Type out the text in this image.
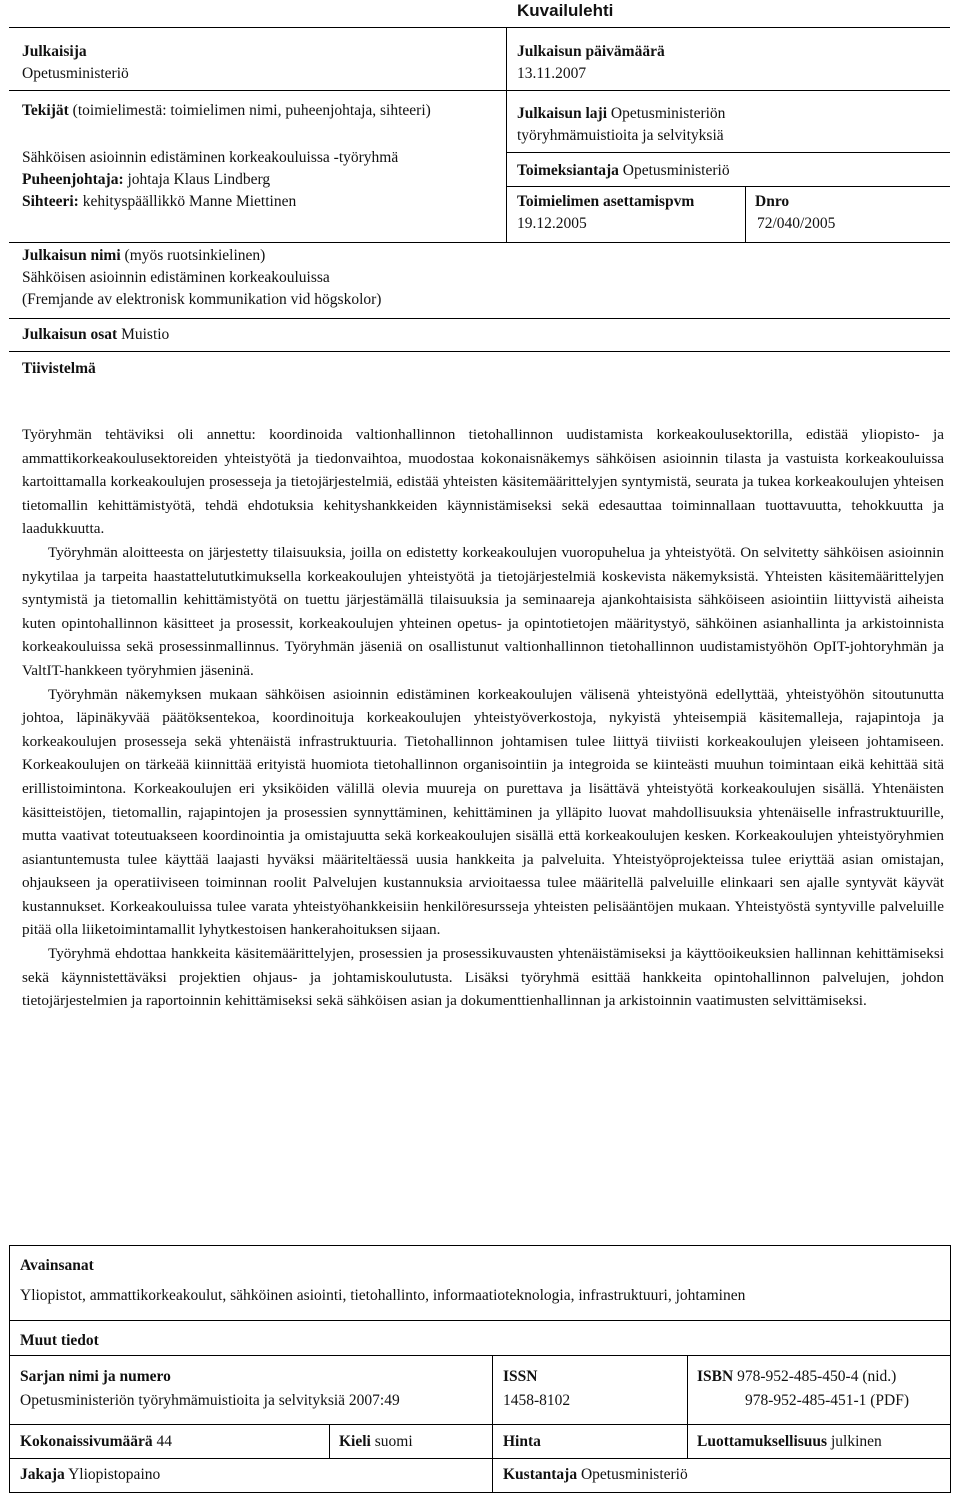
Kuvailulehti
Julkaisija
Opetusministeriö
Julkaisun päivämäärä
13.11.2007
Tekijät (toimielimestä: toimielimen nimi, puheenjohtaja, sihteeri)
Sähköisen asioinnin edistäminen korkeakouluissa -työryhmä
Puheenjohtaja: johtaja Klaus Lindberg
Sihteeri: kehityspäällikkö Manne Miettinen
Julkaisun laji Opetusministeriön
työryhmämuistioita ja selvityksiä
Toimeksiantaja Opetusministeriö
Toimielimen asettamispvm
19.12.2005
Dnro
72/040/2005
Julkaisun nimi (myös ruotsinkielinen)
Sähköisen asioinnin edistäminen korkeakouluissa
(Fremjande av elektronisk kommunikation vid högskolor)
Julkaisun osat Muistio
Tiivistelmä

Työryhmän tehtäviksi oli annettu: koordinoida valtionhallinnon tietohallinnon uudistamista korkeakoulusektorilla, edistää yliopisto- ja ammattikorkeakoulusektoreiden yhteistyötä ja tiedonvaihtoa, muodostaa kokonaisnäkemys sähköisen asioinnin tilasta ja vastuista korkeakouluissa kartoittamalla korkeakoulujen prosesseja ja tietojärjestelmiä, edistää yhteisten käsitemäärittelyjen syntymistä, seurata ja tukea korkeakoulujen yhteisen tietomallin kehittämistyötä, tehdä ehdotuksia kehityshankkeiden käynnistämiseksi sekä edesauttaa toiminnallaan tuottavuutta, tehokkuutta ja laadukkuutta.

Työryhmän aloitteesta on järjestetty tilaisuuksia, joilla on edistetty korkeakoulujen vuoropuhelua ja yhteistyötä. On selvitetty sähköisen asioinnin nykytilaa ja tarpeita haastattelututkimuksella korkeakoulujen yhteistyötä ja tietojärjestelmiä koskevista näkemyksistä. Yhteisten käsitemäärittelyjen syntymistä ja tietomallin kehittämistyötä on tuettu järjestämällä tilaisuuksia ja seminaareja ajankohtaisista sähköiseen asiointiin liittyvistä aiheista kuten opintohallinnon käsitteet ja prosessit, korkeakoulujen yhteinen opetus- ja opintotietojen määritystyö, sähköinen asianhallinta ja arkistoinnista korkeakouluissa sekä prosessinmallinnus. Työryhmän jäseniä on osallistunut valtionhallinnon tietohallinnon uudistamistyöhön OpIT-johtoryhmän ja ValtIT-hankkeen työryhmien jäseninä.

Työryhmän näkemyksen mukaan sähköisen asioinnin edistäminen korkeakoulujen välisenä yhteistyönä edellyttää, yhteistyöhön sitoutunutta johtoa, läpinäkyvää päätöksentekoa, koordinoituja korkeakoulujen yhteistyöverkostoja, nykyistä yhteisempiä käsitemalleja, rajapintoja ja korkeakoulujen prosesseja sekä yhtenäistä infrastruktuuria. Tietohallinnon johtamisen tulee liittyä tiiviisti korkeakoulujen yleiseen johtamiseen. Korkeakoulujen on tärkeää kiinnittää erityistä huomiota tietohallinnon organisointiin ja integroida se kiinteästi muuhun toimintaan eikä kehittää sitä erillistoimintona. Korkeakoulujen eri yksiköiden välillä olevia muureja on purettava ja lisättävä yhteistyötä korkeakoulujen sisällä. Yhtenäisten käsitteistöjen, tietomallin, rajapintojen ja prosessien synnyttäminen, kehittäminen ja ylläpito luovat mahdollisuuksia yhtenäiselle infrastruktuurille, mutta vaativat toteutuakseen koordinointia ja omistajuutta sekä korkeakoulujen sisällä että korkeakoulujen kesken. Korkeakoulujen yhteistyöryhmien asiantuntemusta tulee käyttää laajasti hyväksi määriteltäessä uusia hankkeita ja palveluita. Yhteistyöprojekteissa tulee eriyttää asian omistajan, ohjaukseen ja operatiiviseen toiminnan roolit Palvelujen kustannuksia arvioitaessa tulee määritellä palveluille elinkaari sen ajalle syntyvät käyvät kustannukset. Korkeakouluissa tulee varata yhteistyöhankkeisiin henkilöresursseja yhteisten pelisääntöjen mukaan. Yhteistyöstä syntyville palveluille pitää olla liiketoimintamallit lyhytkestoisen hankerahoituksen sijaan.

Työryhmä ehdottaa hankkeita käsitemäärittelyjen, prosessien ja prosessikuvausten yhtenäistämiseksi ja käyttöoikeuksien hallinnan kehittämiseksi sekä käynnistettäväksi projektien ohjaus- ja johtamiskoulutusta. Lisäksi työryhmä esittää hankkeita opintohallinnon palvelujen, johdon tietojärjestelmien ja raportoinnin kehittämiseksi sekä sähköisen asian ja dokumenttienhallinnan ja arkistoinnin vaatimusten selvittämiseksi.

Avainsanat
Yliopistot, ammattikorkeakoulut, sähköinen asiointi, tietohallinto, informaatioteknologia, infrastruktuuri, johtaminen
Muut tiedot
Sarjan nimi ja numero
Opetusministeriön työryhmämuistioita ja selvityksiä 2007:49
ISSN
1458-8102
ISBN 978-952-485-450-4 (nid.)
978-952-485-451-1 (PDF)
Kokonaissivumäärä 44	Kieli suomi	Hinta	Luottamuksellisuus julkinen
Jakaja Yliopistopaino	Kustantaja Opetusministeriö
